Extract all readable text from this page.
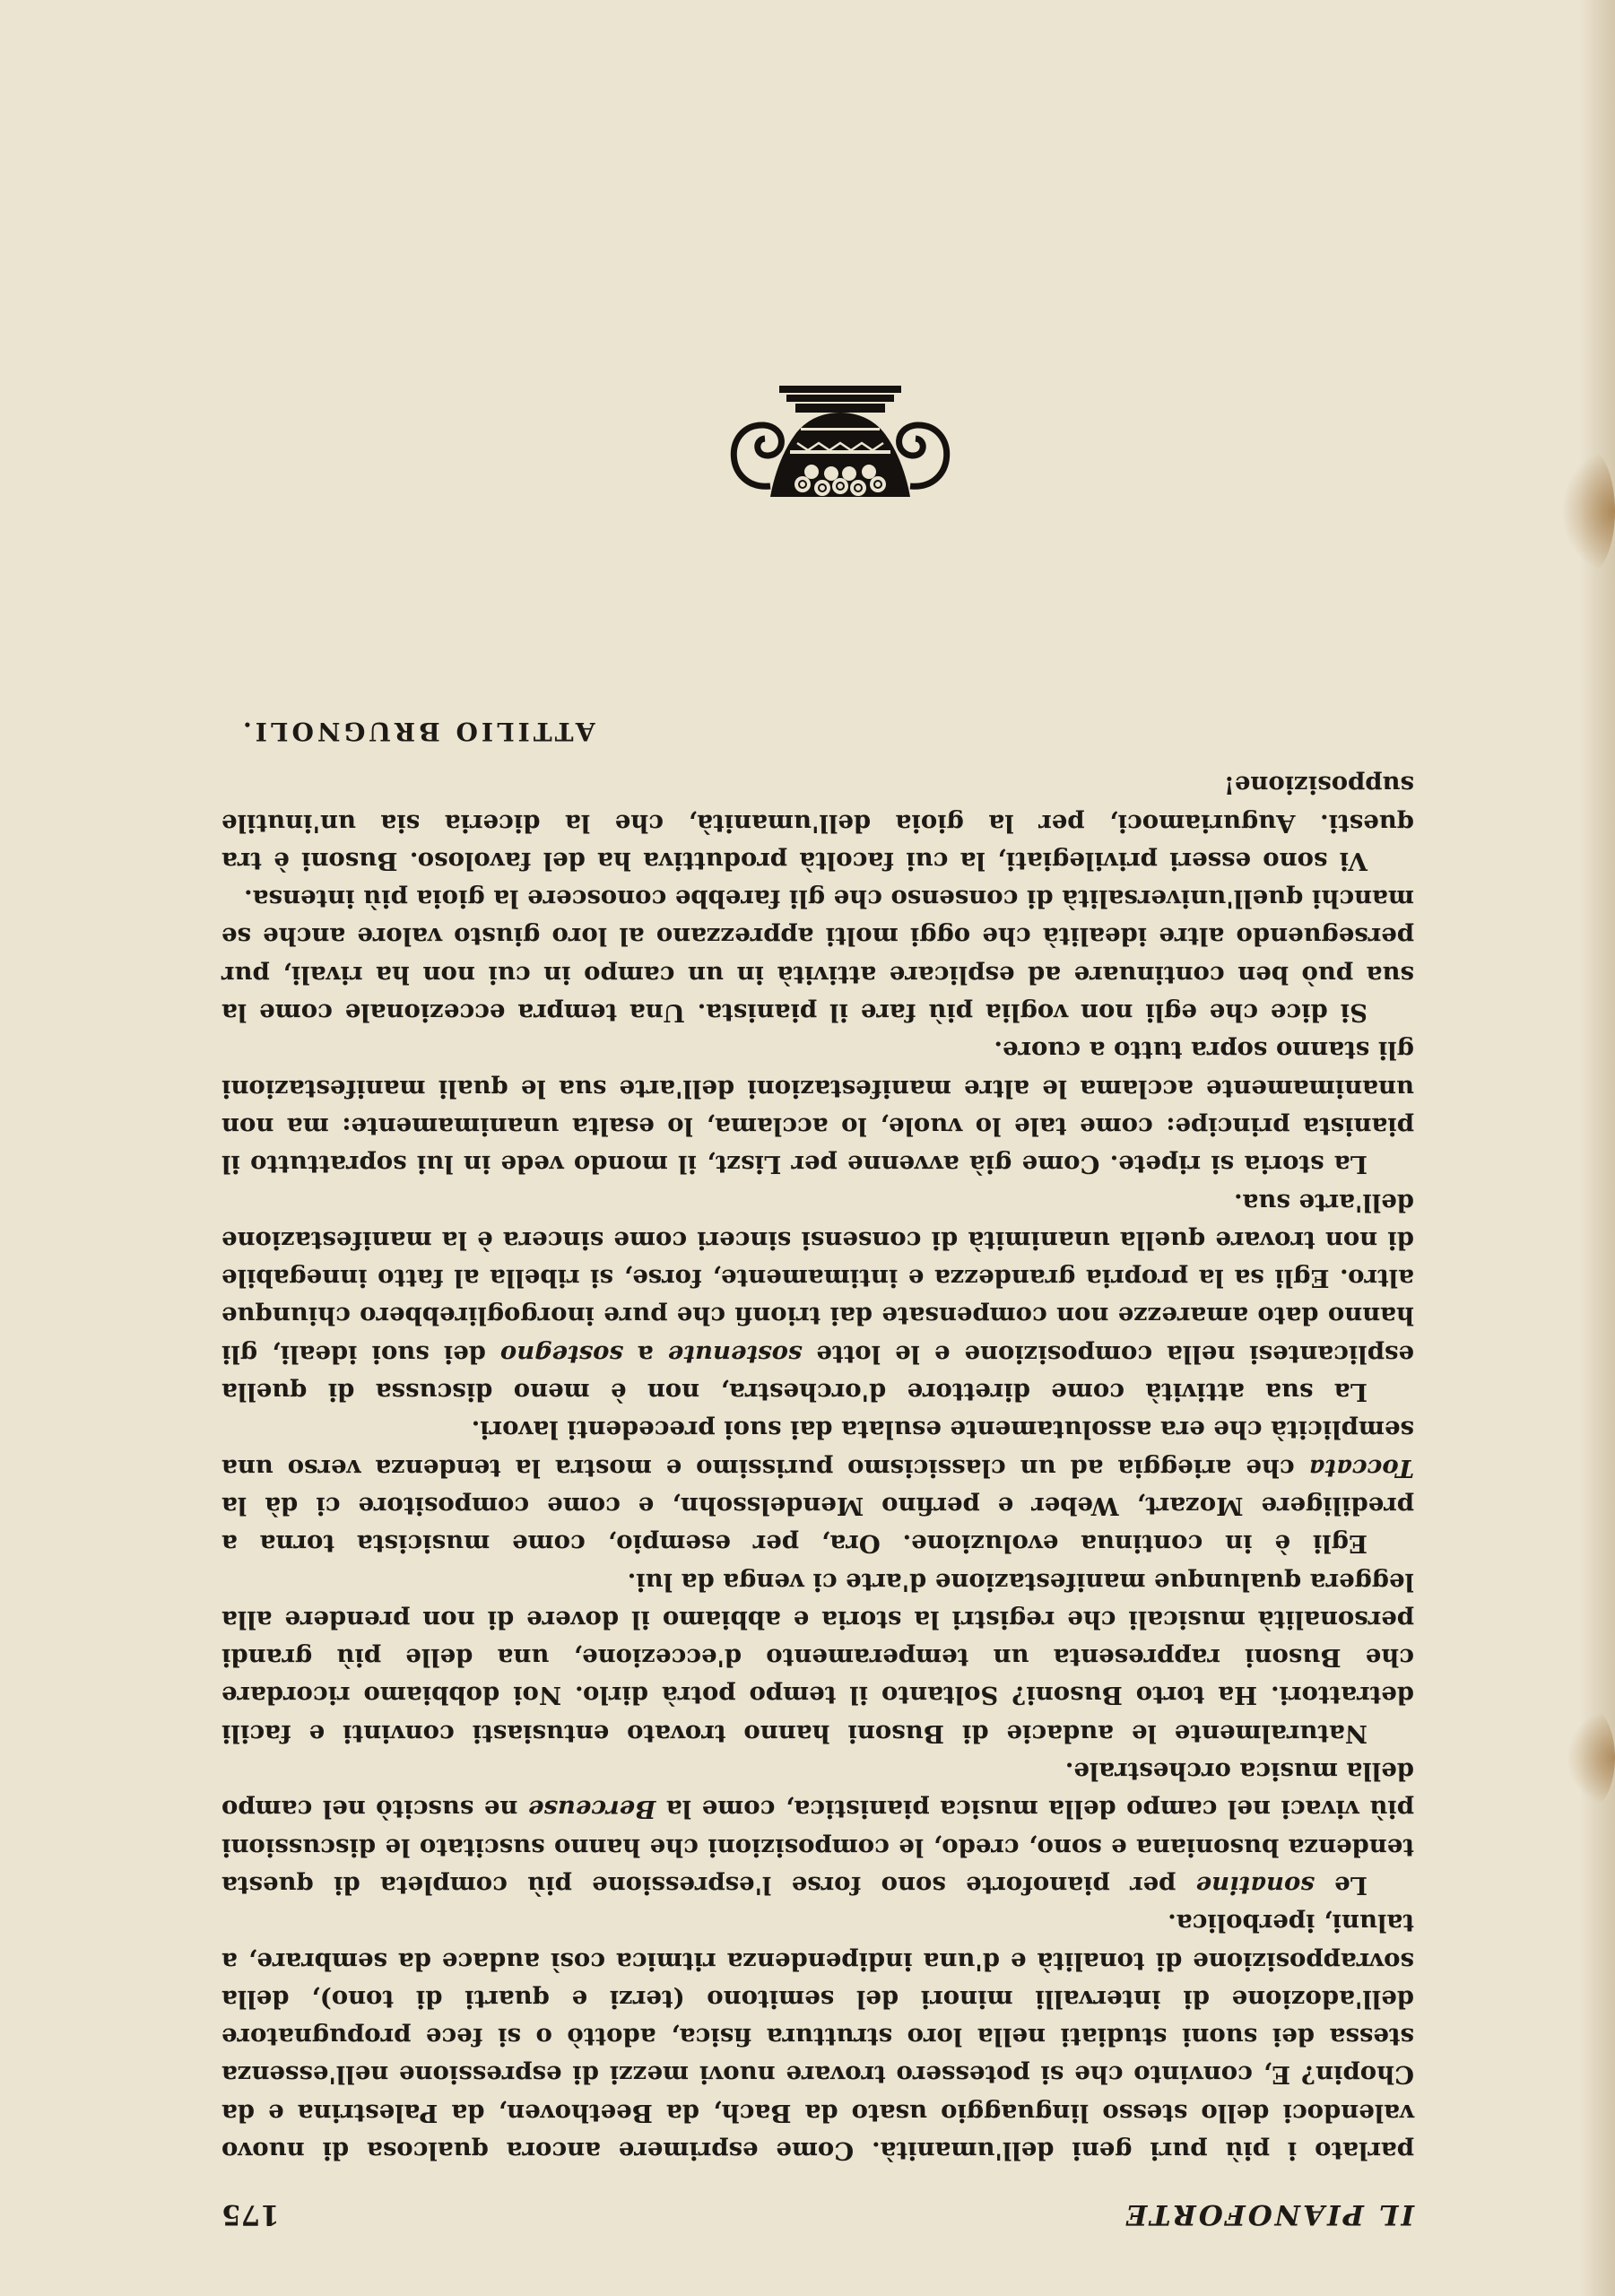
IL PIANOFORTE
175

parlato i più puri geni dell'umanità. Come esprimere ancora qualcosa di nuovo valendoci dello stesso linguaggio usato da Bach, da Beethoven, da Palestrina e da Chopin? E, convinto che si potessero trovare nuovi mezzi di espressione nell'essenza stessa dei suoni studiati nella loro struttura fisica, adottò o si fece propugnatore dell'adozione di intervalli minori del semitono (terzi e quarti di tono), della sovrapposizione di tonalità e d'una indipendenza ritmica così audace da sembrare, a taluni, iperbolica.

Le sonatine per pianoforte sono forse l'espressione più completa di questa tendenza busoniana e sono, credo, le composizioni che hanno suscitato le discussioni più vivaci nel campo della musica pianistica, come la Berceuse ne suscitò nel campo della musica orchestrale.

Naturalmente le audacie di Busoni hanno trovato entusiasti convinti e facili detrattori. Ha torto Busoni? Soltanto il tempo potrà dirlo. Noi dobbiamo ricordare che Busoni rappresenta un temperamento d'eccezione, una delle più grandi personalità musicali che registri la storia e abbiamo il dovere di non prendere alla leggera qualunque manifestazione d'arte ci venga da lui.

Egli è in continua evoluzione. Ora, per esempio, come musicista torna a prediligere Mozart, Weber e perfino Mendelssohn, e come compositore ci dà la Toccata che arieggia ad un classicismo purissimo e mostra la tendenza verso una semplicità che era assolutamente esulata dai suoi precedenti lavori.

La sua attività come direttore d'orchestra, non è meno discussa di quella esplicantesi nella composizione e le lotte sostenute a sostegno dei suoi ideali, gli hanno dato amarezze non compensate dai trionfi che pure inorgoglirebbero chiunque altro. Egli sa la propria grandezza e intimamente, forse, si ribella al fatto innegabile di non trovare quella unanimità di consensi sinceri come sincera è la manifestazione dell'arte sua.

La storia si ripete. Come già avvenne per Liszt, il mondo vede in lui soprattutto il pianista principe: come tale lo vuole, lo acclama, lo esalta unanimamente: ma non unanimamente acclama le altre manifestazioni dell'arte sua le quali manifestazioni gli stanno sopra tutto a cuore.

Si dice che egli non voglia più fare il pianista. Una tempra eccezionale come la sua può ben continuare ad esplicare attività in un campo in cui non ha rivali, pur perseguendo altre idealità che oggi molti apprezzano al loro giusto valore anche se manchi quell'universalità di consenso che gli farebbe conoscere la gioia più intensa.

Vi sono esseri privilegiati, la cui facoltà produttiva ha del favoloso. Busoni è tra questi. Auguriamoci, per la gioia dell'umanità, che la diceria sia un'inutile supposizione!

ATTILIO BRUGNOLI.
